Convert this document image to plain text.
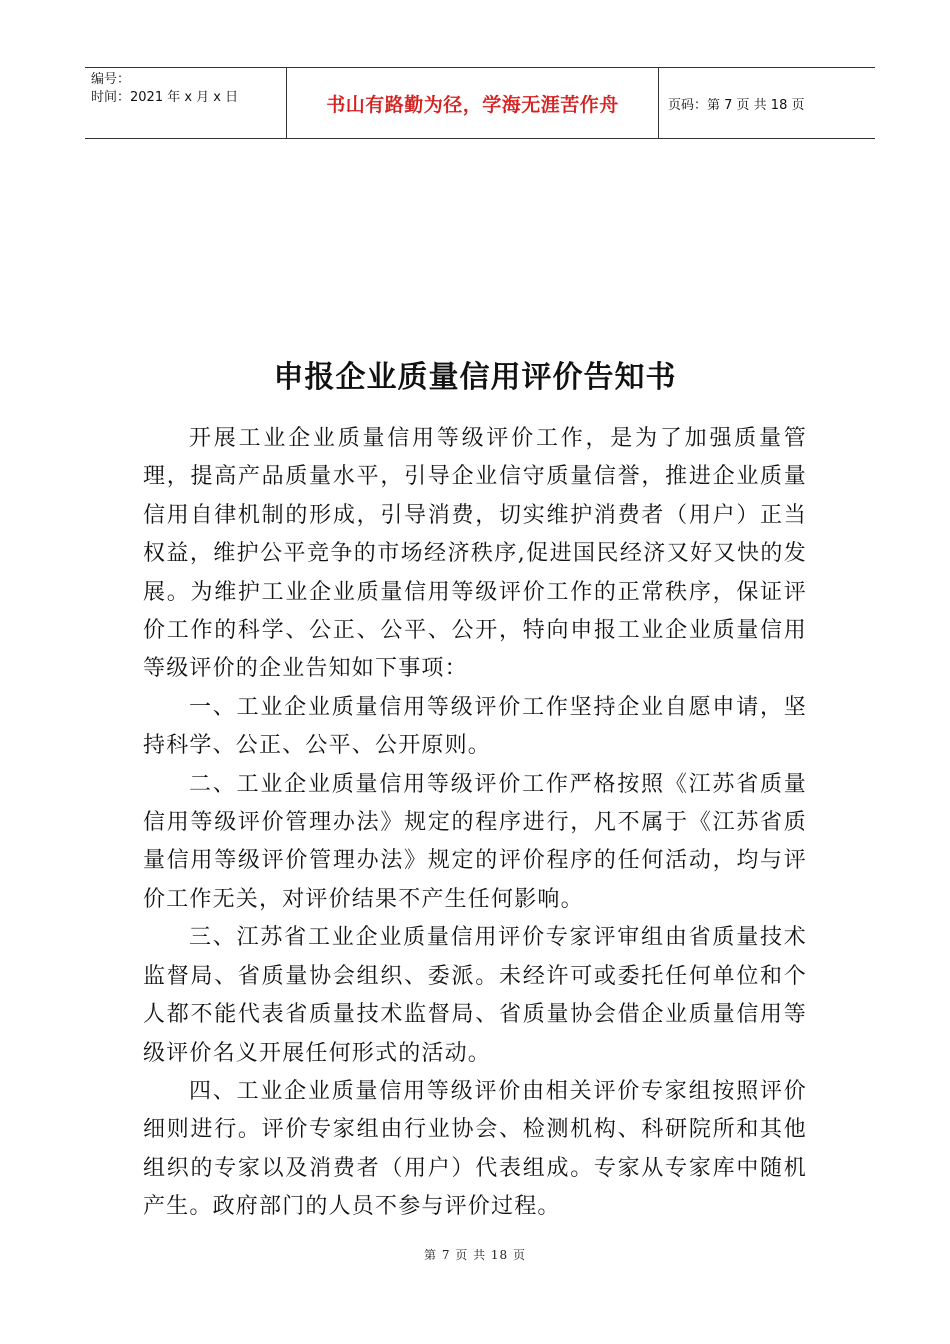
编号：
时间：2021 年 x 月 x 日	书山有路勤为径，学海无涯苦作舟	页码：第 7 页 共 18 页
申报企业质量信用评价告知书

开展工业企业质量信用等级评价工作，是为了加强质量管理，提高产品质量水平，引导企业信守质量信誉，推进企业质量信用自律机制的形成，引导消费，切实维护消费者（用户）正当权益，维护公平竞争的市场经济秩序,促进国民经济又好又快的发展。为维护工业企业质量信用等级评价工作的正常秩序，保证评价工作的科学、公正、公平、公开，特向申报工业企业质量信用等级评价的企业告知如下事项：

一、工业企业质量信用等级评价工作坚持企业自愿申请，坚持科学、公正、公平、公开原则。

二、工业企业质量信用等级评价工作严格按照《江苏省质量信用等级评价管理办法》规定的程序进行，凡不属于《江苏省质量信用等级评价管理办法》规定的评价程序的任何活动，均与评价工作无关，对评价结果不产生任何影响。

三、江苏省工业企业质量信用评价专家评审组由省质量技术监督局、省质量协会组织、委派。未经许可或委托任何单位和个人都不能代表省质量技术监督局、省质量协会借企业质量信用等级评价名义开展任何形式的活动。

四、工业企业质量信用等级评价由相关评价专家组按照评价细则进行。评价专家组由行业协会、检测机构、科研院所和其他组织的专家以及消费者（用户）代表组成。专家从专家库中随机产生。政府部门的人员不参与评价过程。

第 7 页 共 18 页
